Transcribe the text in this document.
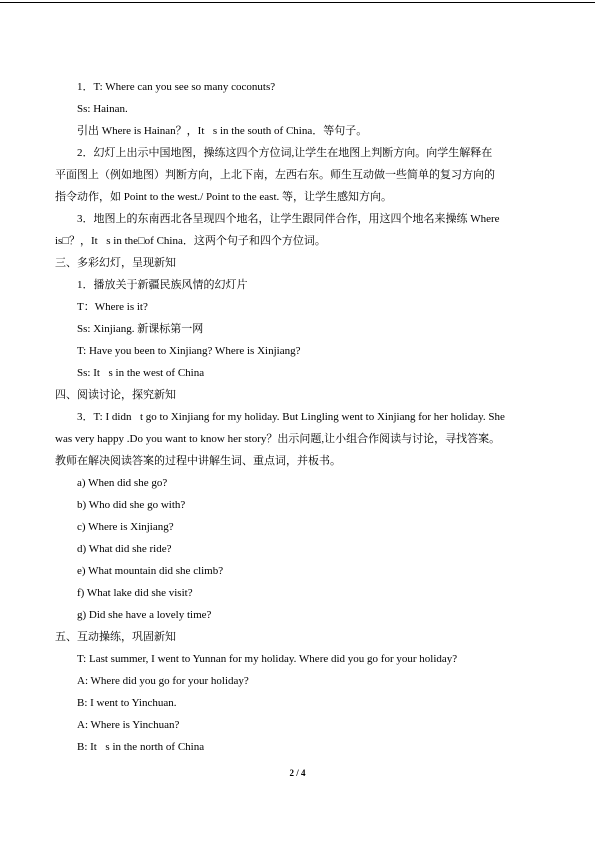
1．T: Where can you see so many coconuts?
Ss: Hainan.
引出 Where is Hainan？，It s in the south of China．等句子。
2．幻灯上出示中国地图，操练这四个方位词,让学生在地图上判断方向。向学生解释在
平面图上（例如地图）判断方向，上北下南，左西右东。师生互动做一些简单的复习方向的
指令动作，如 Point to the west./ Point to the east. 等，让学生感知方向。
3．地图上的东南西北各呈现四个地名，让学生跟同伴合作，用这四个地名来操练 Where
is□？，It s in the□of China．这两个句子和四个方位词。
三、多彩幻灯，呈现新知
1．播放关于新疆民族风情的幻灯片
T：Where is it?
Ss: Xinjiang. 新课标第一网
T: Have you been to Xinjiang? Where is Xinjiang?
Ss: It s in the west of China．
四、阅读讨论，探究新知
3．T: I didn t go to Xinjiang for my holiday. But Lingling went to Xinjiang for her holiday. She
was very happy .Do you want to know her story？出示问题,让小组合作阅读与讨论，寻找答案。
教师在解决阅读答案的过程中讲解生词、重点词，并板书。
a) When did she go?
b) Who did she go with?
c) Where is Xinjiang?
d) What did she ride?
e) What mountain did she climb?
f) What lake did she visit?
g) Did she have a lovely time?
五、互动操练，巩固新知
T: Last summer, I went to Yunnan for my holiday. Where did you go for your holiday?
A: Where did you go for your holiday?
B: I went to Yinchuan.
A: Where is Yinchuan?
B: It s in the north of China．
2 / 4
